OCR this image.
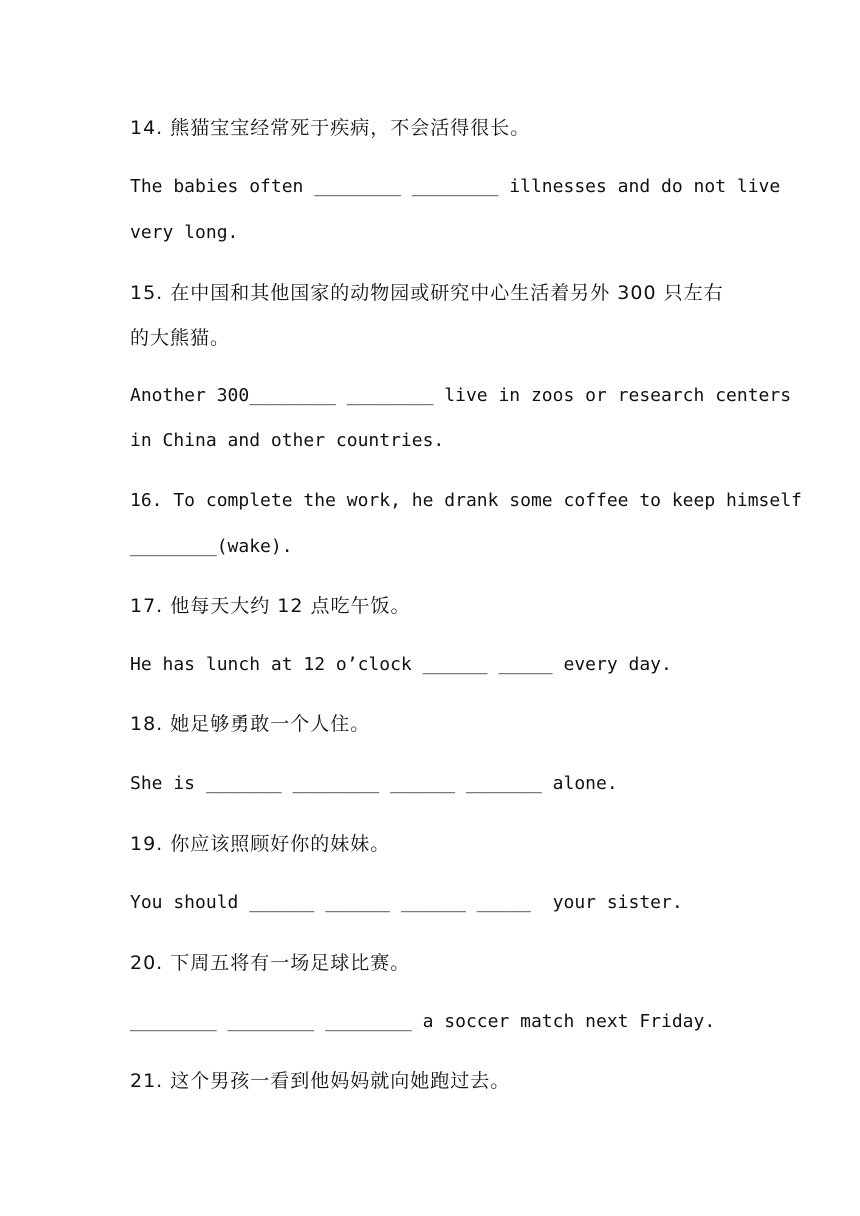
14. 熊猫宝宝经常死于疾病，不会活得很长。
The babies often ________ ________ illnesses and do not live
very long.
15. 在中国和其他国家的动物园或研究中心生活着另外 300 只左右
的大熊猫。
Another 300________ ________ live in zoos or research centers
in China and other countries.
16. To complete the work, he drank some coffee to keep himself
________(wake).
17. 他每天大约 12 点吃午饭。
He has lunch at 12 o’clock ______ _____ every day.
18. 她足够勇敢一个人住。
She is _______ ________ ______ _______ alone.
19. 你应该照顾好你的妹妹。
You should ______ ______ ______ _____  your sister.
20. 下周五将有一场足球比赛。
________ ________ ________ a soccer match next Friday.
21. 这个男孩一看到他妈妈就向她跑过去。
